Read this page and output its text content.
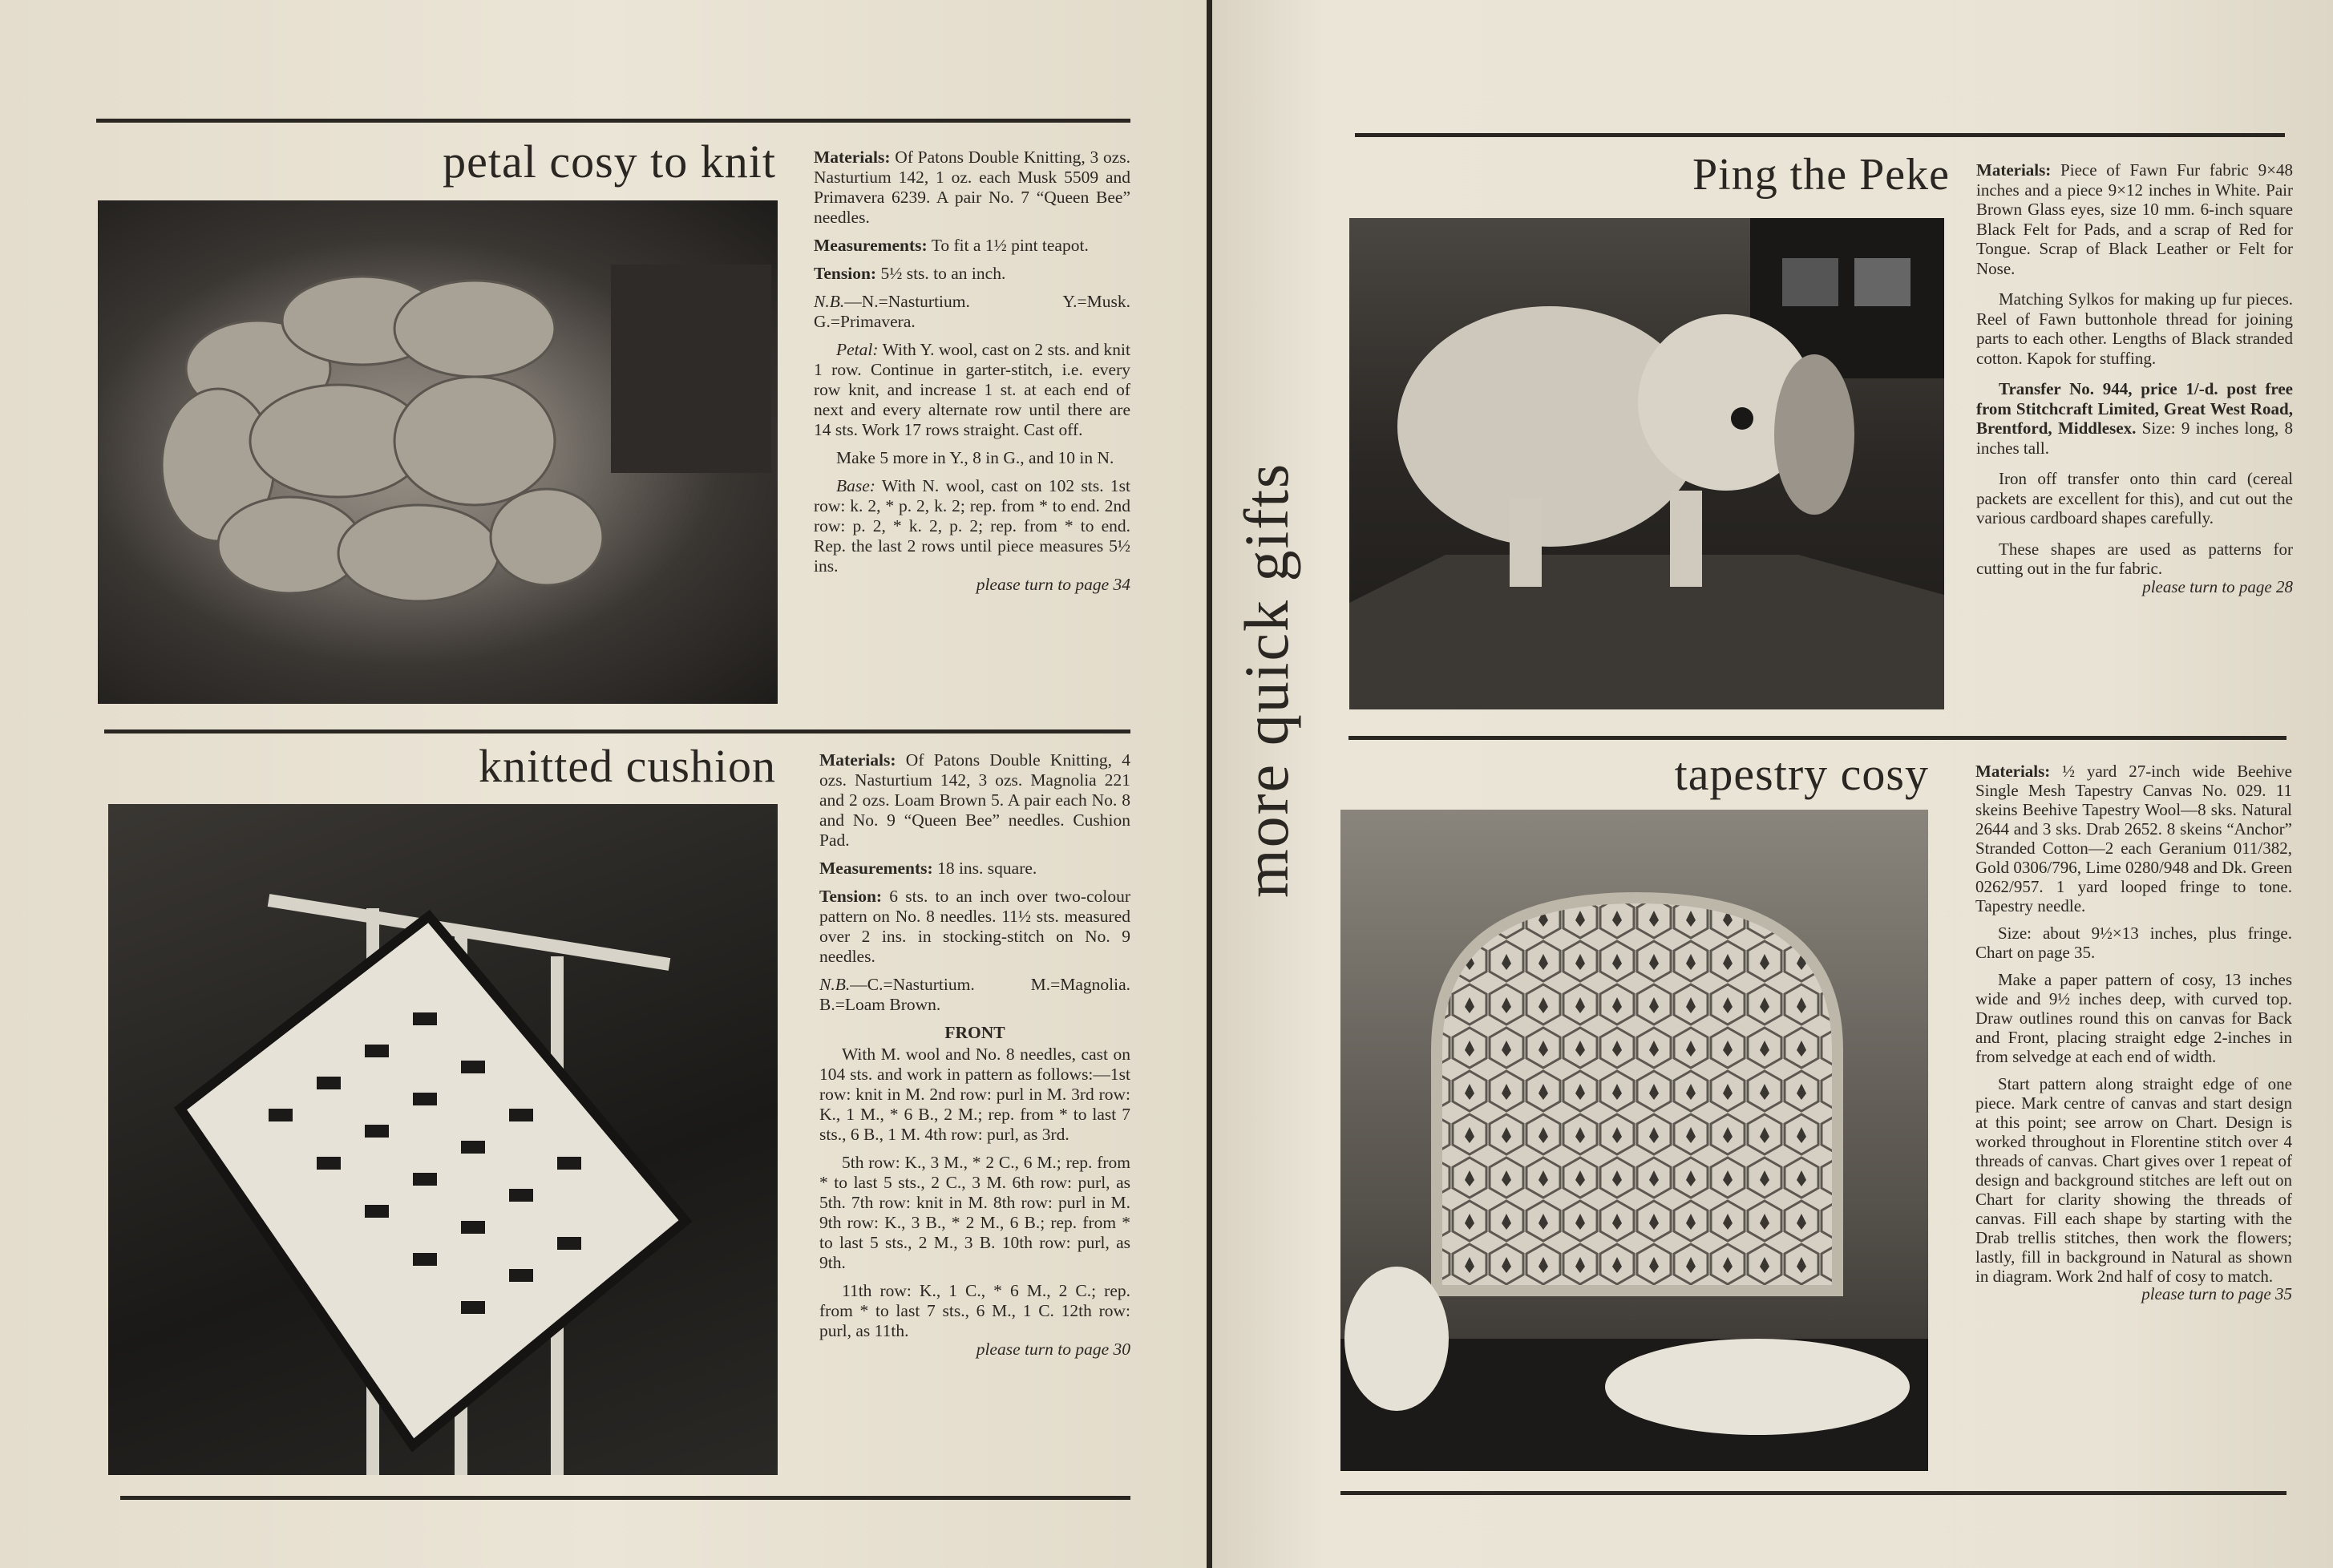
petal cosy to knit Materials: Of Patons Double Knitting, 3 ozs. Nasturtium 142, 1 oz. each Musk 5509 and Primavera 6239. A pair No. 7 “Queen Bee” needles.

Measurements: To fit a 1½ pint teapot.

Tension: 5½ sts. to an inch.

N.B.—N.=Nasturtium. Y.=Musk. G.=Primavera.

Petal: With Y. wool, cast on 2 sts. and knit 1 row. Continue in garter-stitch, i.e. every row knit, and increase 1 st. at each end of next and every alternate row until there are 14 sts. Work 17 rows straight. Cast off.

Make 5 more in Y., 8 in G., and 10 in N.

Base: With N. wool, cast on 102 sts. 1st row: k. 2, * p. 2, k. 2; rep. from * to end. 2nd row: p. 2, * k. 2, p. 2; rep. from * to end. Rep. the last 2 rows until piece measures 5½ ins.

please turn to page 34
knitted cushion	Materials: Of Patons Double Knitting, 4 ozs. Nasturtium 142, 3 ozs. Magnolia 221 and 2 ozs. Loam Brown 5. A pair each No. 8 and No. 9 “Queen Bee” needles. Cushion Pad.

Measurements: 18 ins. square.

Tension: 6 sts. to an inch over two-colour pattern on No. 8 needles. 11½ sts. measured over 2 ins. in stocking-stitch on No. 9 needles.

N.B.—C.=Nasturtium. M.=Magnolia. B.=Loam Brown.

FRONT

With M. wool and No. 8 needles, cast on 104 sts. and work in pattern as follows:—1st row: knit in M. 2nd row: purl in M. 3rd row: K., 1 M., * 6 B., 2 M.; rep. from * to last 7 sts., 6 B., 1 M. 4th row: purl, as 3rd.

5th row: K., 3 M., * 2 C., 6 M.; rep. from * to last 5 sts., 2 C., 3 M. 6th row: purl, as 5th. 7th row: knit in M. 8th row: purl in M. 9th row: K., 3 B., * 2 M., 6 B.; rep. from * to last 5 sts., 2 M., 3 B. 10th row: purl, as 9th.

11th row: K., 1 C., * 6 M., 2 C.; rep. from * to last 7 sts., 6 M., 1 C. 12th row: purl, as 11th.

please turn to page 30
Ping the Peke Materials: Piece of Fawn Fur fabric 9×48 inches and a piece 9×12 inches in White. Pair Brown Glass eyes, size 10 mm. 6-inch square Black Felt for Pads, and a scrap of Red for Tongue. Scrap of Black Leather or Felt for Nose.

Matching Sylkos for making up fur pieces. Reel of Fawn buttonhole thread for joining parts to each other. Lengths of Black stranded cotton. Kapok for stuffing.

Transfer No. 944, price 1/-d. post free from Stitchcraft Limited, Great West Road, Brentford, Middlesex. Size: 9 inches long, 8 inches tall.

Iron off transfer onto thin card (cereal packets are excellent for this), and cut out the various cardboard shapes carefully.

These shapes are used as patterns for cutting out in the fur fabric.

please turn to page 28
tapestry cosy	Materials: ½ yard 27-inch wide Beehive Single Mesh Tapestry Canvas No. 029. 11 skeins Beehive Tapestry Wool—8 sks. Natural 2644 and 3 sks. Drab 2652. 8 skeins “Anchor” Stranded Cotton—2 each Geranium 011/382, Gold 0306/796, Lime 0280/948 and Dk. Green 0262/957. 1 yard looped fringe to tone. Tapestry needle.

Size: about 9½×13 inches, plus fringe. Chart on page 35.

Make a paper pattern of cosy, 13 inches wide and 9½ inches deep, with curved top. Draw outlines round this on canvas for Back and Front, placing straight edge 2-inches in from selvedge at each end of width.

Start pattern along straight edge of one piece. Mark centre of canvas and start design at this point; see arrow on Chart. Design is worked throughout in Florentine stitch over 4 threads of canvas. Chart gives over 1 repeat of design and background stitches are left out on Chart for clarity showing the threads of canvas. Fill each shape by starting with the Drab trellis stitches, then work the flowers; lastly, fill in background in Natural as shown in diagram. Work 2nd half of cosy to match.

please turn to page 35
more quick gifts
